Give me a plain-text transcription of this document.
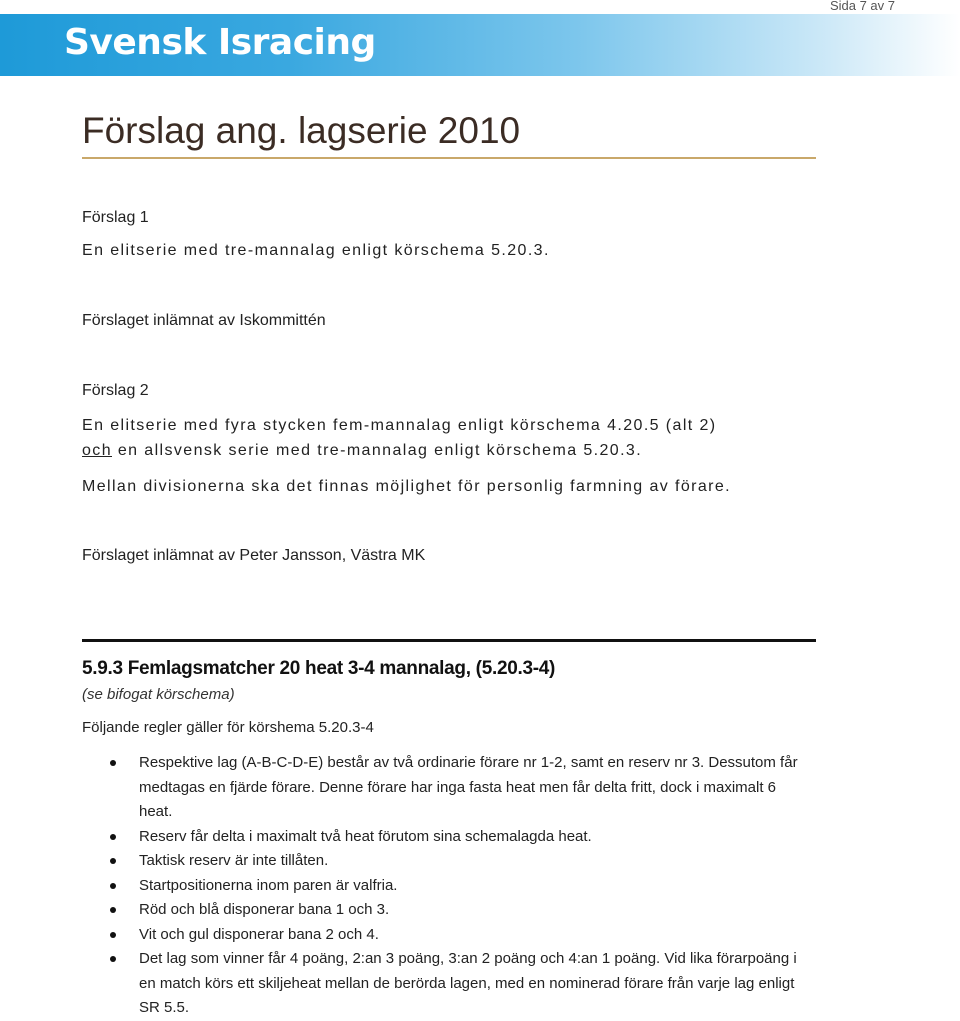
Sida 7 av 7
Svensk Isracing
Förslag ang. lagserie 2010
Förslag 1
En elitserie med tre-mannalag enligt körschema 5.20.3.
Förslaget inlämnat av Iskommittén
Förslag 2
En elitserie med fyra stycken fem-mannalag enligt körschema 4.20.5 (alt 2)
och en allsvensk serie med tre-mannalag enligt körschema 5.20.3.
Mellan divisionerna ska det finnas möjlighet för personlig farmning av förare.
Förslaget inlämnat av Peter Jansson, Västra MK
5.9.3 Femlagsmatcher 20 heat 3-4 mannalag, (5.20.3-4)
(se bifogat körschema)
Följande regler gäller för körshema 5.20.3-4
Respektive lag (A-B-C-D-E) består av två ordinarie förare nr 1-2, samt en reserv nr 3. Dessutom får medtagas en fjärde förare. Denne förare har inga fasta heat men får delta fritt, dock i maximalt 6 heat.
Reserv får delta i maximalt två heat förutom sina schemalagda heat.
Taktisk reserv är inte tillåten.
Startpositionerna inom paren är valfria.
Röd och blå disponerar bana 1 och 3.
Vit och gul disponerar bana 2 och 4.
Det lag som vinner får 4 poäng, 2:an 3 poäng, 3:an 2 poäng och 4:an 1 poäng. Vid lika förarpoäng i en match körs ett skiljeheat mellan de berörda lagen, med en nominerad förare från varje lag enligt SR 5.5.
